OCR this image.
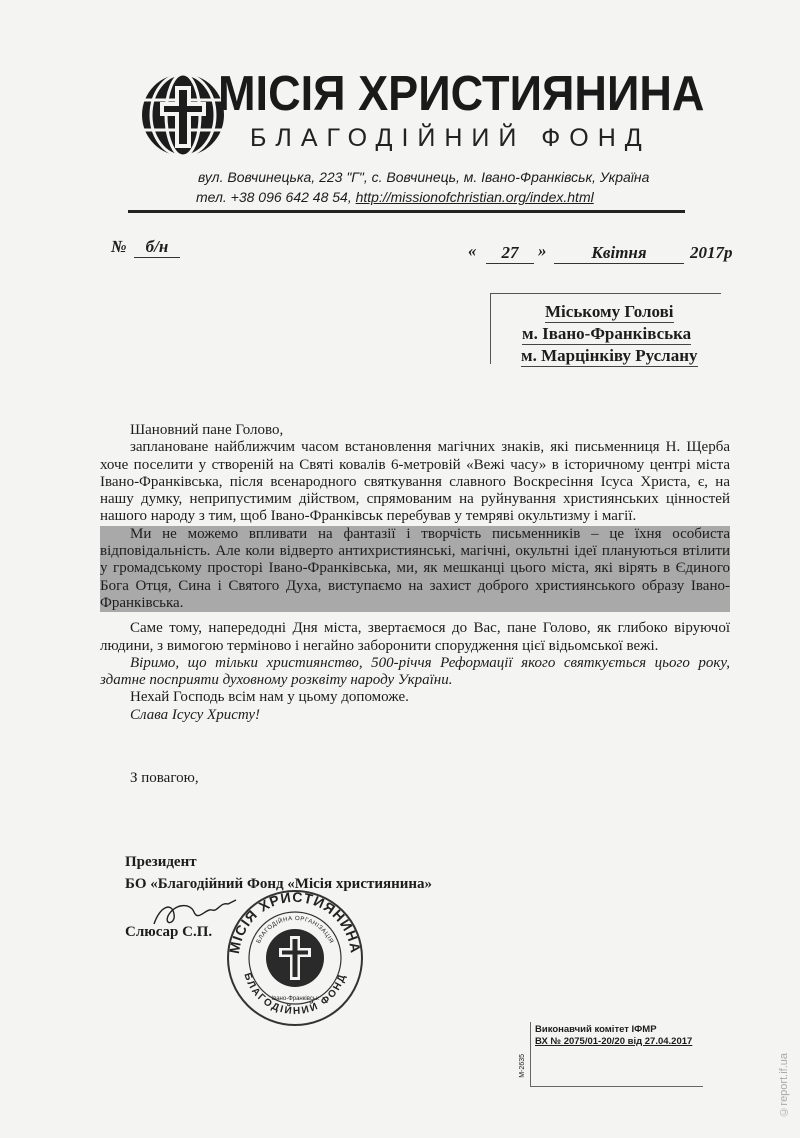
МІСІЯ ХРИСТИЯНИНА
БЛАГОДІЙНИЙ ФОНД
вул. Вовчинецька, 223 "Г", с. Вовчинець, м. Івано-Франківськ, Україна
тел. +38 096 642 48 54, http://missionofchristian.org/index.html
№	б/н	«	27	»	Квітня	2017р
Міському Голові
м. Івано-Франківська
м. Марцінківу Руслану

Шановний пане Голово,

заплановане найближчим часом встановлення магічних знаків, які письменниця Н. Щерба хоче поселити у створеній на Святі ковалів 6-метровій «Вежі часу» в історичному центрі міста Івано-Франківська, після всенародного святкування славного Воскресіння Ісуса Христа, є, на нашу думку, неприпустимим дійством, спрямованим на руйнування християнських цінностей нашого народу з тим, щоб Івано-Франківськ перебував у темряві окультизму і магії.

Ми не можемо впливати на фантазії і творчість письменників – це їхня особиста відповідальність. Але коли відверто антихристиянські, магічні, окультні ідеї плануються втілити у громадському просторі Івано-Франківська, ми, як мешканці цього міста, які вірять в Єдиного Бога Отця, Сина і Святого Духа, виступаємо на захист доброго християнського образу Івано-Франківська.

Саме тому, напередодні Дня міста, звертаємося до Вас, пане Голово, як глибоко віруючої людини, з вимогою терміново і негайно заборонити спорудження цієї відьомської вежі.

Віримо, що тільки християнство, 500-річчя Реформації якого святкується цього року, здатне посприяти духовному розквіту народу України.

Нехай Господь всім нам у цьому допоможе.

Слава Ісусу Христу!

З повагою,
Президент
БО «Благодійний Фонд «Місія християнина»
Слюсар С.П.
МІСІЯ ХРИСТИЯНИНА
БЛАГОДІЙНИЙ ФОНД
БЛАГОДІЙНА ОРГАНІЗАЦІЯ
Івано-Франківськ
Виконавчий комітет ІФМР
ВХ № 2075/01-20/20 від 27.04.2017
М-2635	©report.if.ua
